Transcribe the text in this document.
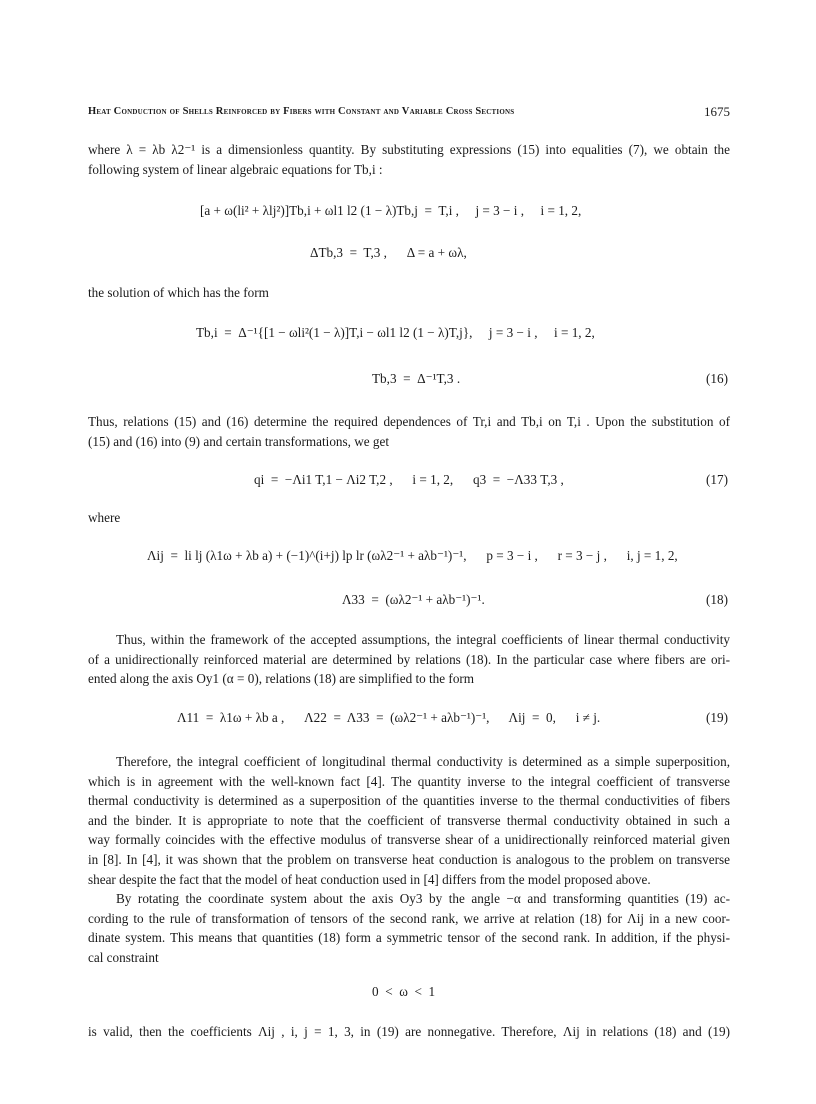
Heat Conduction of Shells Reinforced by Fibers with Constant and Variable Cross Sections	1675
where λ = λb λ2⁻¹ is a dimensionless quantity. By substituting expressions (15) into equalities (7), we obtain the
following system of linear algebraic equations for Tb,i :
[a + ω(li² + λlj²)]Tb,i + ωl1 l2 (1 − λ)Tb,j  =  T,i ,     j = 3 − i ,     i = 1, 2,
ΔTb,3  =  T,3 ,      Δ = a + ωλ,
the solution of which has the form
Tb,i  =  Δ⁻¹{[1 − ωli²(1 − λ)]T,i − ωl1 l2 (1 − λ)T,j},     j = 3 − i ,     i = 1, 2,
Tb,3  =  Δ⁻¹T,3 .	(16)
Thus, relations (15) and (16) determine the required dependences of Tr,i and Tb,i on T,i . Upon the substitution of
(15) and (16) into (9) and certain transformations, we get
qi  =  −Λi1 T,1 − Λi2 T,2 ,      i = 1, 2,      q3  =  −Λ33 T,3 ,	(17)
where
Λij  =  li lj (λ1ω + λb a) + (−1)^(i+j) lp lr (ωλ2⁻¹ + aλb⁻¹)⁻¹,      p = 3 − i ,      r = 3 − j ,      i, j = 1, 2,
Λ33  =  (ωλ2⁻¹ + aλb⁻¹)⁻¹.	(18)
Thus, within the framework of the accepted assumptions, the integral coefficients of linear thermal conductivity
of a unidirectionally reinforced material are determined by relations (18). In the particular case where fibers are ori-
ented along the axis Oy1 (α = 0), relations (18) are simplified to the form
Λ11  =  λ1ω + λb a ,      Λ22  =  Λ33  =  (ωλ2⁻¹ + aλb⁻¹)⁻¹,      Λij  =  0,      i ≠ j.	(19)
Therefore, the integral coefficient of longitudinal thermal conductivity is determined as a simple superposition,
which is in agreement with the well-known fact [4]. The quantity inverse to the integral coefficient of transverse
thermal conductivity is determined as a superposition of the quantities inverse to the thermal conductivities of fibers
and the binder. It is appropriate to note that the coefficient of transverse thermal conductivity obtained in such a
way formally coincides with the effective modulus of transverse shear of a unidirectionally reinforced material given
in [8]. In [4], it was shown that the problem on transverse heat conduction is analogous to the problem on transverse
shear despite the fact that the model of heat conduction used in [4] differs from the model proposed above.
By rotating the coordinate system about the axis Oy3 by the angle −α and transforming quantities (19) ac-
cording to the rule of transformation of tensors of the second rank, we arrive at relation (18) for Λij in a new coor-
dinate system. This means that quantities (18) form a symmetric tensor of the second rank. In addition, if the physi-
cal constraint
0  <  ω  <  1
is valid, then the coefficients Λij , i, j = 1, 3, in (19) are nonnegative. Therefore, Λij in relations (18) and (19)
